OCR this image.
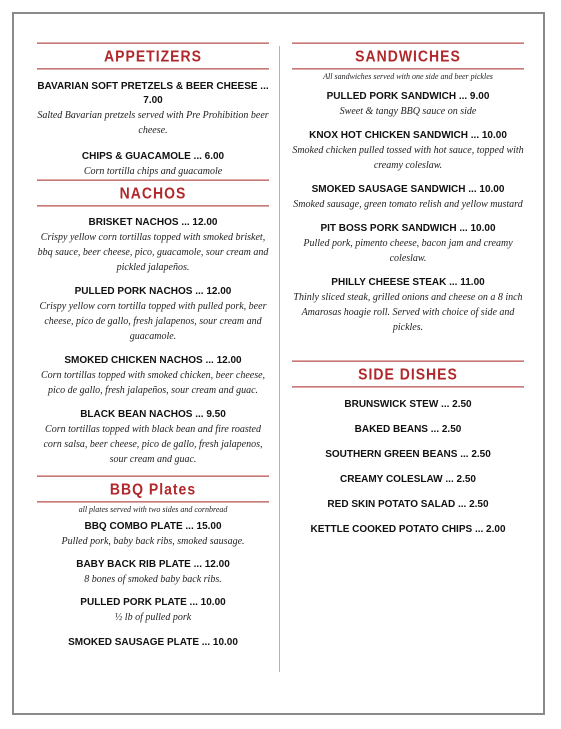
APPETIZERS
BAVARIAN SOFT PRETZELS & BEER CHEESE ... 7.00
Salted Bavarian pretzels served with Pre Prohibition beer cheese.
CHIPS & GUACAMOLE ... 6.00
Corn tortilla chips and guacamole
NACHOS
BRISKET NACHOS ... 12.00
Crispy yellow corn tortillas topped with smoked brisket, bbq sauce, beer cheese, pico, guacamole, sour cream and pickled jalapeños.
PULLED PORK NACHOS ... 12.00
Crispy yellow corn tortilla topped with pulled pork, beer cheese, pico de gallo, fresh jalapenos, sour cream and guacamole.
SMOKED CHICKEN NACHOS ... 12.00
Corn tortillas topped with smoked chicken, beer cheese, pico de gallo, fresh jalapeños, sour cream and guac.
BLACK BEAN NACHOS ... 9.50
Corn tortillas topped with black bean and fire roasted corn salsa, beer cheese, pico de gallo, fresh jalapenos, sour cream and guac.
BBQ Plates
all plates served with two sides and cornbread
BBQ COMBO PLATE ... 15.00
Pulled pork, baby back ribs, smoked sausage.
BABY BACK RIB PLATE ... 12.00
8 bones of smoked baby back ribs.
PULLED PORK PLATE ... 10.00
½ lb of pulled pork
SMOKED SAUSAGE PLATE ... 10.00
SANDWICHES
All sandwiches served with one side and beer pickles
PULLED PORK SANDWICH ... 9.00
Sweet & tangy BBQ sauce on side
KNOX HOT CHICKEN SANDWICH ... 10.00
Smoked chicken pulled tossed with hot sauce, topped with creamy coleslaw.
SMOKED SAUSAGE SANDWICH ... 10.00
Smoked sausage, green tomato relish and yellow mustard
PIT BOSS PORK SANDWICH ... 10.00
Pulled pork, pimento cheese, bacon jam and creamy coleslaw.
PHILLY CHEESE STEAK ... 11.00
Thinly sliced steak, grilled onions and cheese on a 8 inch Amarosas hoagie roll. Served with choice of side and pickles.
SIDE DISHES
BRUNSWICK STEW ... 2.50
BAKED BEANS ... 2.50
SOUTHERN GREEN BEANS ... 2.50
CREAMY COLESLAW ... 2.50
RED SKIN POTATO SALAD ... 2.50
KETTLE COOKED POTATO CHIPS ... 2.00
